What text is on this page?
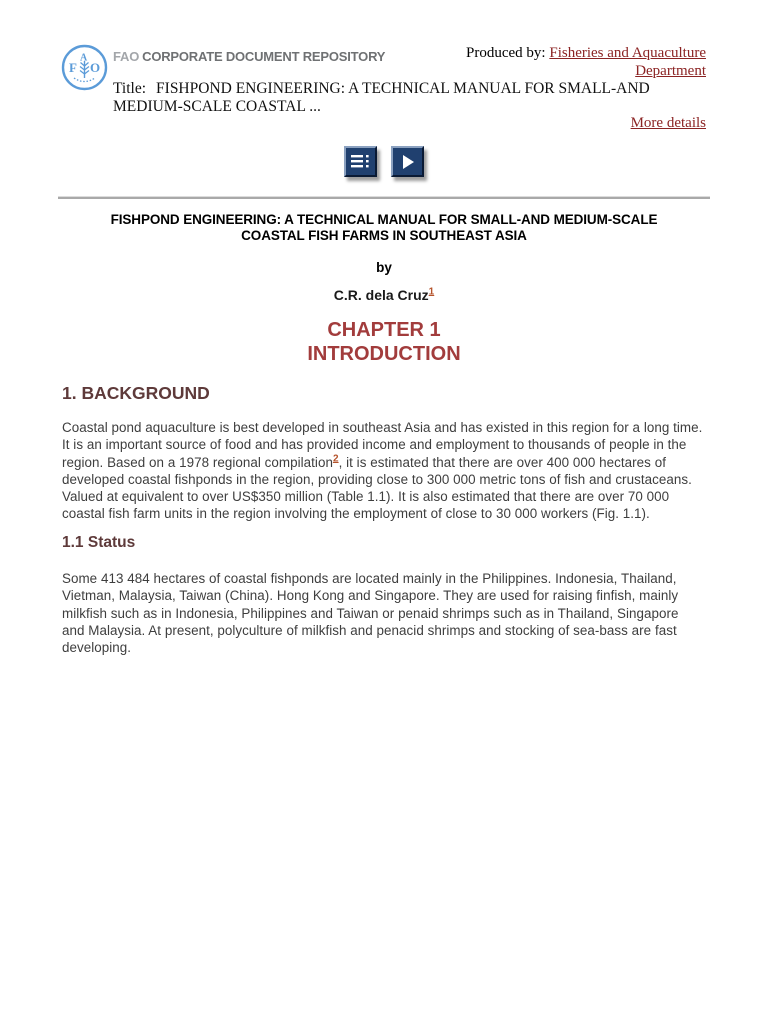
F
A
O
FAO CORPORATE DOCUMENT REPOSITORY	Produced by: Fisheries and Aquaculture
Department
Title: FISHPOND ENGINEERING: A TECHNICAL MANUAL FOR SMALL-AND
MEDIUM-SCALE COASTAL ...
More details
FISHPOND ENGINEERING: A TECHNICAL MANUAL FOR SMALL-AND MEDIUM-SCALE
COASTAL FISH FARMS IN SOUTHEAST ASIA
by
C.R. dela Cruz$^1$
CHAPTER 1
INTRODUCTION
1. BACKGROUND
Coastal pond aquaculture is best developed in southeast Asia and has existed in this region for a long time.
It is an important source of food and has provided income and employment to thousands of people in the
region. Based on a 1978 regional compilation$^2$, it is estimated that there are over 400 000 hectares of
developed coastal fishponds in the region, providing close to 300 000 metric tons of fish and crustaceans.
Valued at equivalent to over US$350 million (Table 1.1). It is also estimated that there are over 70 000
coastal fish farm units in the region involving the employment of close to 30 000 workers (Fig. 1.1).
1.1 Status
Some 413 484 hectares of coastal fishponds are located mainly in the Philippines. Indonesia, Thailand,
Vietman, Malaysia, Taiwan (China). Hong Kong and Singapore. They are used for raising finfish, mainly
milkfish such as in Indonesia, Philippines and Taiwan or penaid shrimps such as in Thailand, Singapore
and Malaysia. At present, polyculture of milkfish and penacid shrimps and stocking of sea-bass are fast
developing.
